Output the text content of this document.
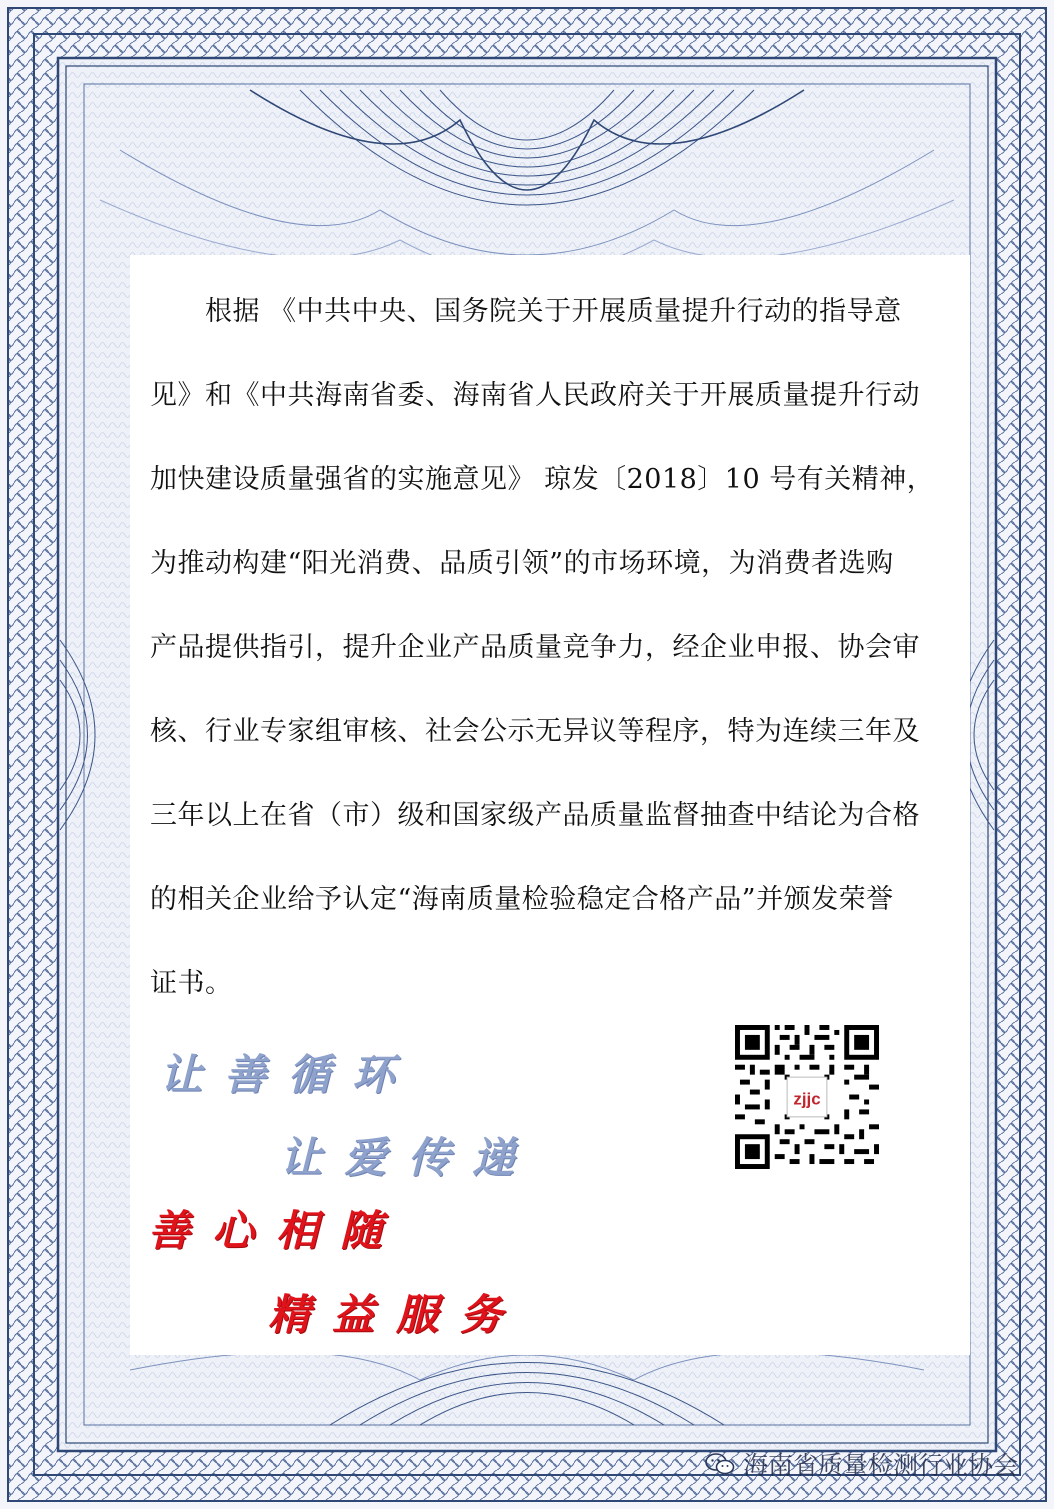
　　根据 《中共中央、国务院关于开展质量提升行动的指导意
见》和《中共海南省委、海南省人民政府关于开展质量提升行动
加快建设质量强省的实施意见》 琼发〔2018〕10 号有关精神，
为推动构建“阳光消费、品质引领”的市场环境，为消费者选购
产品提供指引，提升企业产品质量竞争力，经企业申报、协会审
核、行业专家组审核、社会公示无异议等程序，特为连续三年及
三年以上在省（市）级和国家级产品质量监督抽查中结论为合格
的相关企业给予认定“海南质量检验稳定合格产品”并颁发荣誉
证书。
让善循环
让爱传递
善心相随
精益服务
zjjc
海南省质量检测行业协会
